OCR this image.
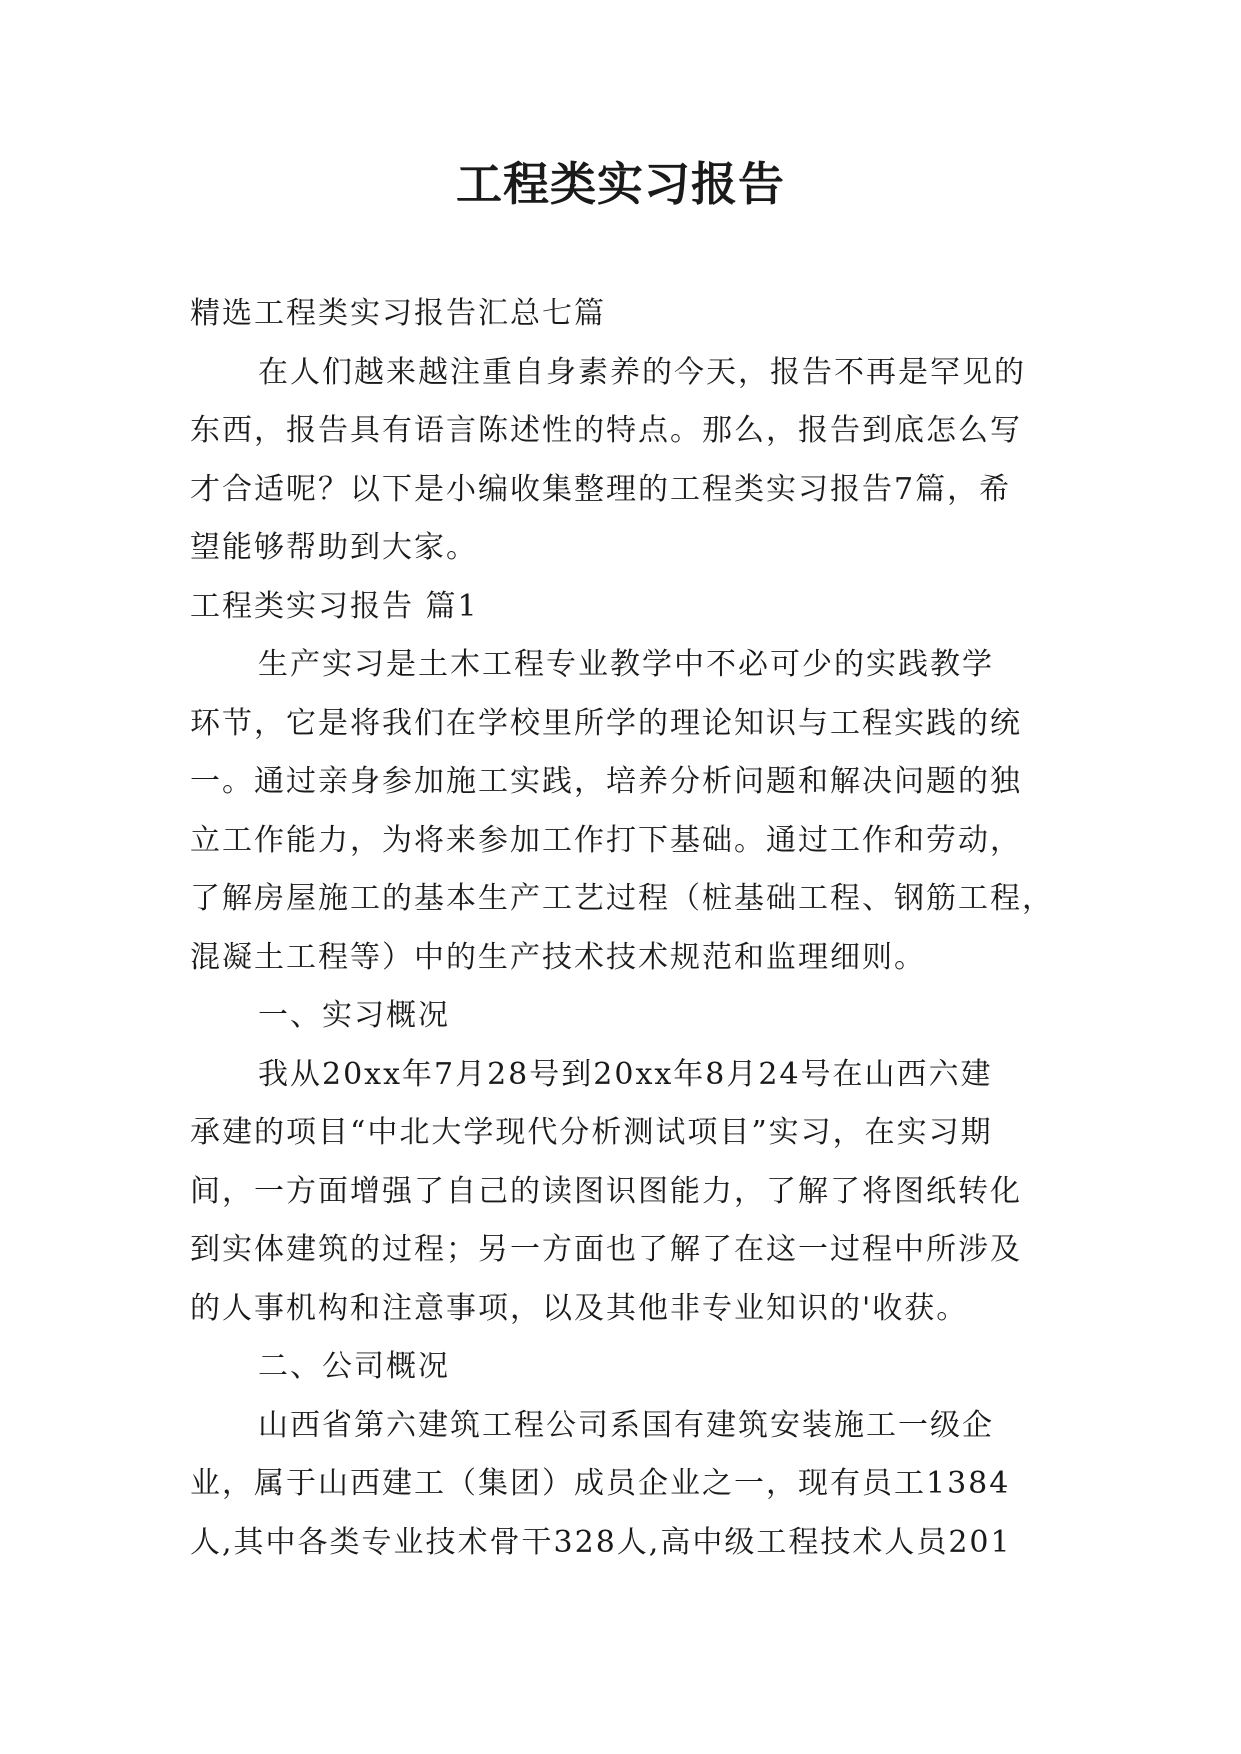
工程类实习报告
精选工程类实习报告汇总七篇
在人们越来越注重自身素养的今天，报告不再是罕见的
东西，报告具有语言陈述性的特点。那么，报告到底怎么写
才合适呢？以下是小编收集整理的工程类实习报告7篇，希
望能够帮助到大家。
工程类实习报告 篇1
生产实习是土木工程专业教学中不必可少的实践教学
环节，它是将我们在学校里所学的理论知识与工程实践的统
一。通过亲身参加施工实践，培养分析问题和解决问题的独
立工作能力，为将来参加工作打下基础。通过工作和劳动，
了解房屋施工的基本生产工艺过程（桩基础工程、钢筋工程，
混凝土工程等）中的生产技术技术规范和监理细则。
一、实习概况
我从20xx年7月28号到20xx年8月24号在山西六建
承建的项目“中北大学现代分析测试项目”实习，在实习期
间，一方面增强了自己的读图识图能力，了解了将图纸转化
到实体建筑的过程；另一方面也了解了在这一过程中所涉及
的人事机构和注意事项，以及其他非专业知识的'收获。
二、公司概况
山西省第六建筑工程公司系国有建筑安装施工一级企
业，属于山西建工（集团）成员企业之一，现有员工1384
人,其中各类专业技术骨干328人,高中级工程技术人员201
